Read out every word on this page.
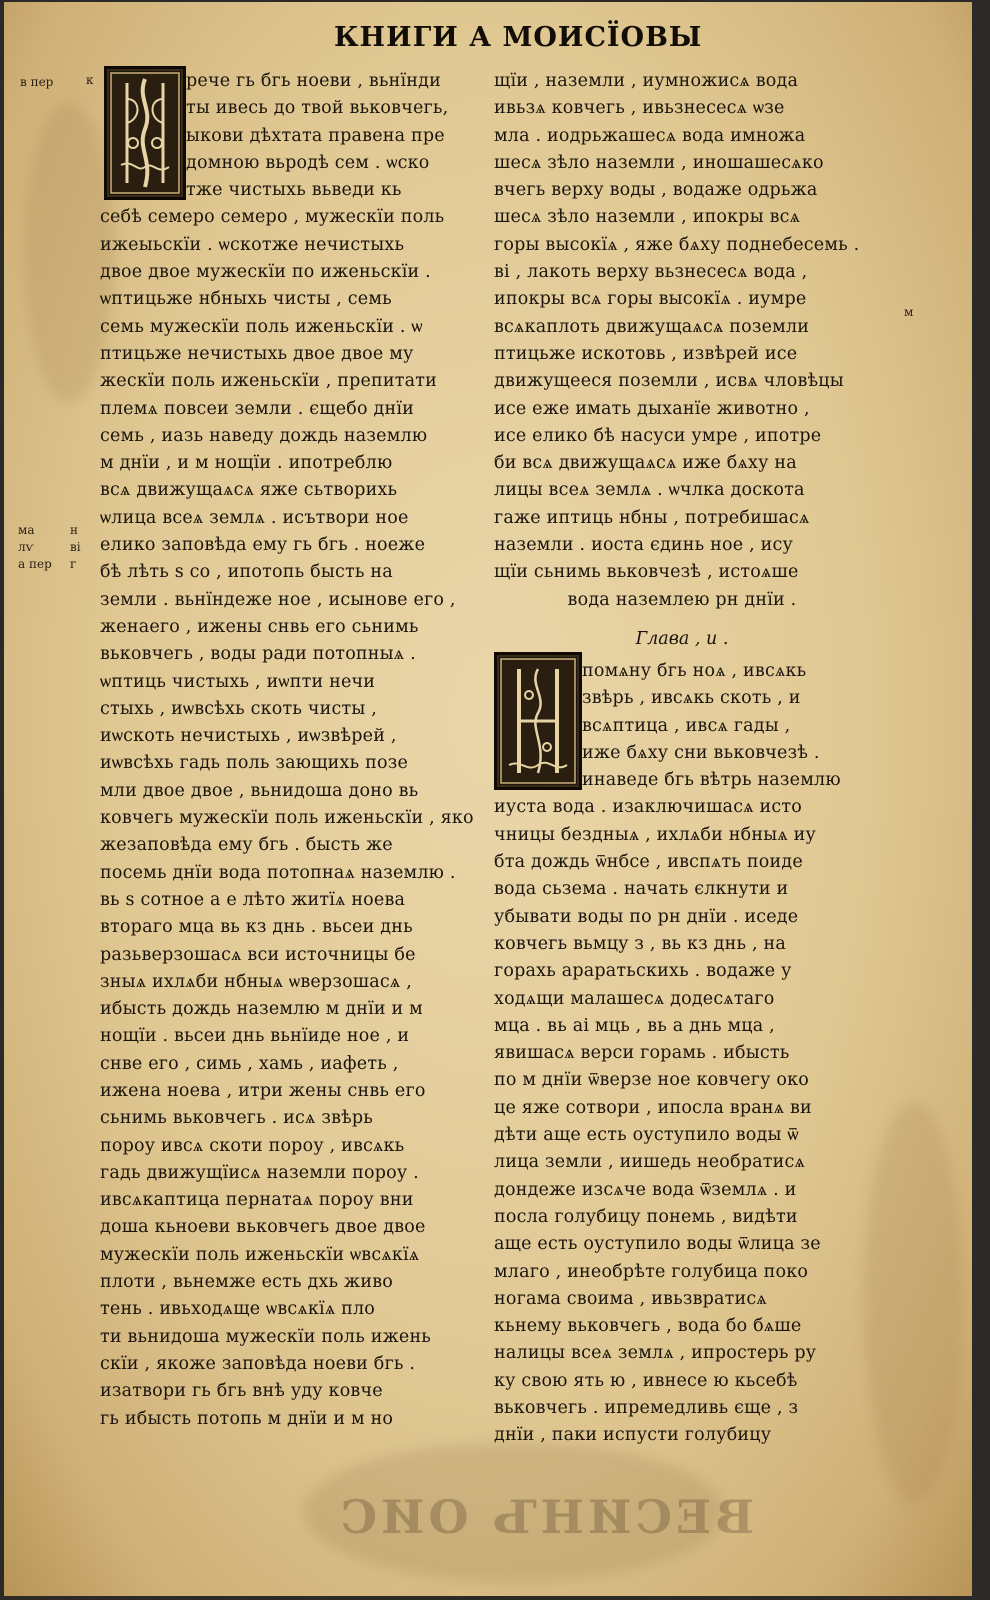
ВЕСИНЪ ОИС
КНИГИ А МОИСЇОВЫ
в пер	к
ма
лѵ
а пер
н
ві
г
м
рече гь бгь ноеви , вьнїнди
ты ивесь до твой вьковчегь,
ыкови дѣхтата правена пре
домною вьродѣ сем . ѡско
тже чистыхь вьведи кь
себѣ семеро семеро , мужескїи поль
ижеыьскїи . ѡскотже нечистыхь
двое двое мужескїи по иженьскїи .
ѡптицьже нбныхь чисты , семь
семь мужескїи поль иженьскїи . ѡ
птицьже нечистыхь двое двое му
жескїи поль иженьскїи , препитати
племѧ повсеи земли . єщебо днїи
семь , иазь наведу дождь наземлю
м днїи , и м нощїи . ипотреблю
всѧ движущаѧсѧ яже сьтворихь
ѡлица всеѧ землѧ . исътвори ное
елико заповѣда ему гь бгь . ноеже
бѣ лѣть ѕ со , ипотопь бысть на
земли . вьнїндеже ное , исынове его ,
женаего , ижены снвь его сьнимь
вьковчегь , воды ради потопныѧ .
ѡптиць чистыхь , иѡпти нечи
стыхь , иѡвсѣхь скоть чисты ,
иѡскоть нечистыхь , иѡзвѣрей ,
иѡвсѣхь гадь поль зающихь позе
мли двое двое , вьнидоша доно вь
ковчегь мужескїи поль иженьскїи , яко
жезаповѣда ему бгь . бысть же
посемь днїи вода потопнаѧ наземлю .
вь ѕ сотное а е лѣто житїѧ ноева
втораго мца вь кз днь . вьсеи днь
разьверзошасѧ вси источницы бе
зныѧ ихлѧби нбныѧ ѡверзошасѧ ,
ибысть дождь наземлю м днїи и м
нощїи . вьсеи днь вьнїиде ное , и
снве его , симь , хамь , иафеть ,
ижена ноева , итри жены снвь его
сьнимь вьковчегь . исѧ звѣрь
пороу ивсѧ скоти пороу , ивсѧкь
гадь движущїисѧ наземли пороу .
ивсѧкаптица пернатаѧ пороу вни
доша кьноеви вьковчегь двое двое
мужескїи поль иженьскїи ѡвсѧкїѧ
плоти , вьнемже есть дхь живо
тень . ивьходѧще ѡвсѧкїѧ пло
ти вьнидоша мужескїи поль ижень
скїи , якоже заповѣда ноеви бгь .
изатвори гь бгь внѣ уду ковче
гь ибысть потопь м днїи и м но
щїи , наземли , иумножисѧ вода
ивьзѧ ковчегь , ивьзнесесѧ ѡзе
мла . иодрьжашесѧ вода имножа
шесѧ зѣло наземли , иношашесѧко
вчегь верху воды , водаже одрьжа
шесѧ зѣло наземли , ипокры всѧ
горы высокїѧ , яже бѧху поднебесемь .
ві , лакоть верху вьзнесесѧ вода ,
ипокры всѧ горы высокїѧ . иумре
всѧкаплоть движущаѧсѧ поземли
птицьже искотовь , извѣрей исе
движущееся поземли , исвѧ чловѣцы
исе еже имать дыханїе животно ,
исе елико бѣ насуси умре , ипотре
би всѧ движущаѧсѧ иже бѧху на
лицы всеѧ землѧ . ѡчлка доскота
гаже иптиць нбны , потребишасѧ
наземли . иоста єдинь ное , ису
щїи сьнимь вьковчезѣ , истоѧше
вода наземлею рн днїи .
Глава , и .
помѧну бгь ноѧ , ивсѧкь
звѣрь , ивсѧкь скоть , и
всѧптица , ивсѧ гады ,
иже бѧху сни вьковчезѣ .
инаведе бгь вѣтрь наземлю
иуста вода . изаключишасѧ исто
чницы бездныѧ , ихлѧби нбныѧ иу
бта дождь ѿнбсе , ивспѧть поиде
вода сьзема . начать єлкнути и
убывати воды по рн днїи . иседе
ковчегь вьмцу з , вь кз днь , на
горахь араратьскихь . водаже у
ходѧщи малашесѧ додесѧтаго
мца . вь аі мць , вь а днь мца ,
явишасѧ верси горамь . ибысть
по м днїи ѿверзе ное ковчегу око
це яже сотвори , ипосла вранѧ ви
дѣти аще есть оуступило воды ѿ
лица земли , иишедь необратисѧ
дондеже изсѧче вода ѿземлѧ . и
посла голубицу понемь , видѣти
аще есть оуступило воды ѿлица зе
млаго , инеобрѣте голубица поко
ногама своима , ивьзвратисѧ
кьнему вьковчегь , вода бо бѧше
налицы всеѧ землѧ , ипростерь ру
ку свою ять ю , ивнесе ю кьсебѣ
вьковчегь . ипремедливь єще , з
днїи , паки испусти голубицу
